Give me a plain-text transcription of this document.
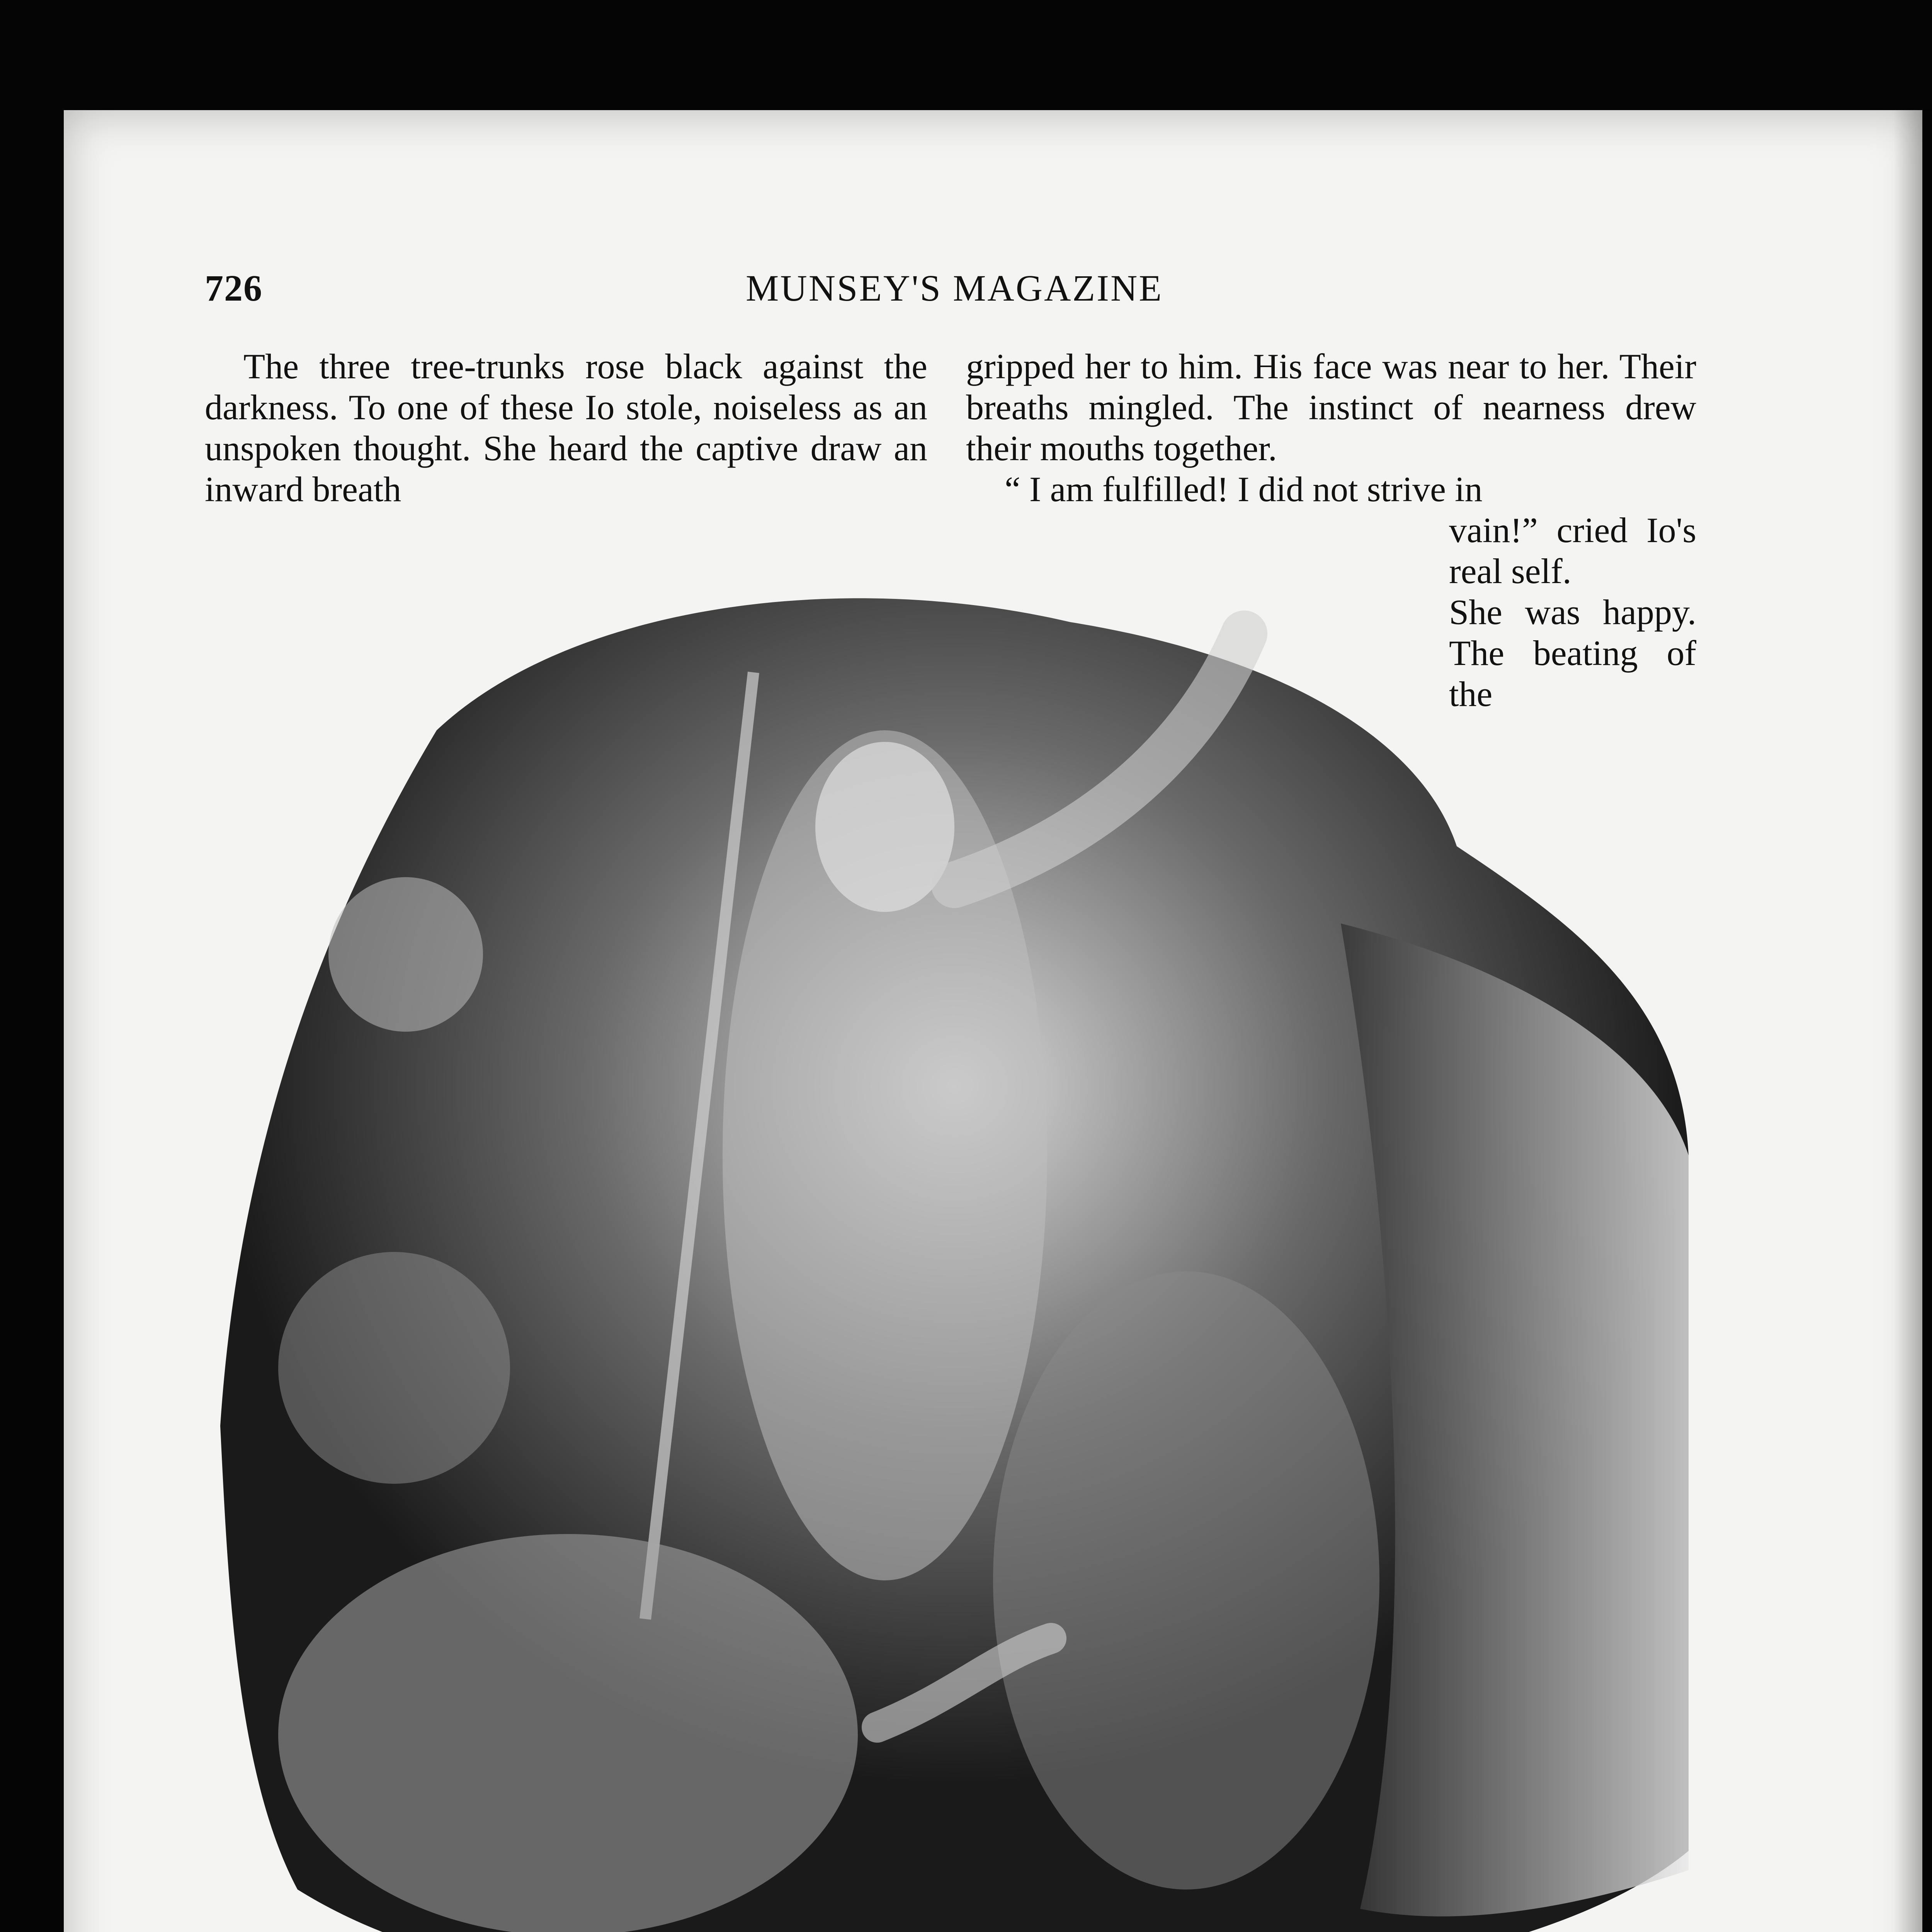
726	MUNSEY'S MAGAZINE

The three tree-trunks rose black against the darkness. To one of these Io stole, noiseless as an unspoken thought. She heard the captive draw an inward breath

gripped her to him. His face was near to her. Their breaths mingled. The instinct of nearness drew their mouths together.

“ I am fulfilled! I did not strive in

vain!” cried Io's real self.

She was happy. The beating of the
